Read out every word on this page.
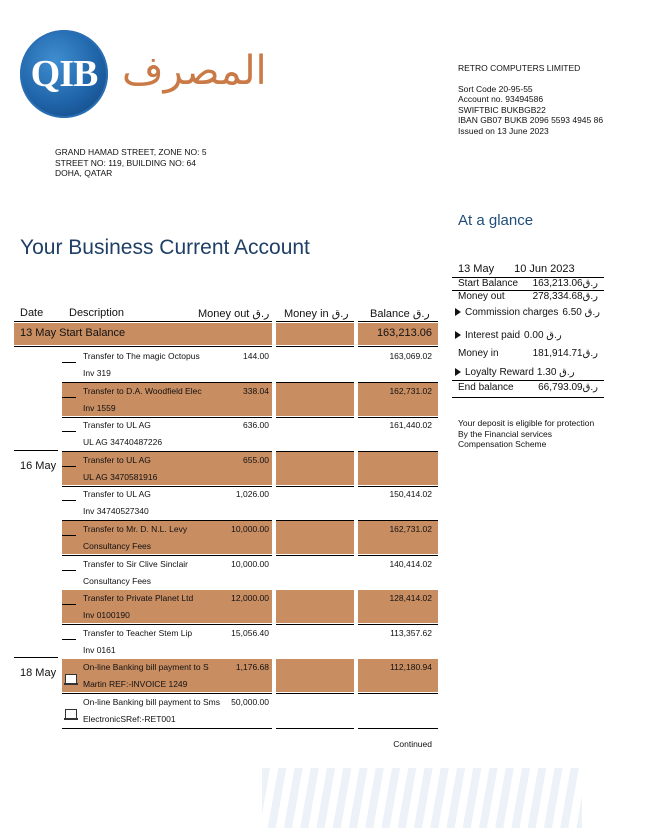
QIB المصرف	RETRO COMPUTERS LIMITED
Sort Code 20-95-55
Account no. 93494586
SWIFTBIC BUKBGB22
IBAN GB07 BUKB 2096 5593 4945 86
Issued on 13 June 2023
GRAND HAMAD STREET, ZONE NO: 5
STREET NO: 119, BUILDING NO: 64
DOHA, QATAR
At a glance
Your Business Current Account
13 May 10 Jun 2023
Start Balance ر.ق163,213.06
Money out	ر.ق278,334.68
Commission charges ر.ق 6.50
Interest paid ر.ق 0.00
Money in	ر.ق181,914.71
Loyalty Reward ر.ق 1.30
End balance ر.ق66,793.09
Your deposit is eligible for protection
By the Financial services
Compensation Scheme
Date Description	Money out ر.ق Money in ر.ق Balance ر.ق
13 May Start Balance	163,213.06
Transfer to The magic Octopus
Inv 319
144.00	163,069.02
Transfer to D.A. Woodfield Elec
Inv 1559
338.04	162,731.02
Transfer to UL AG
UL AG 34740487226
636.00	161,440.02
16 May	Transfer to UL AG
UL AG 3470581916
655.00
Transfer to UL AG
Inv 34740527340
1,026.00	150,414.02
Transfer to Mr. D. N.L. Levy
Consultancy Fees
10,000.00	162,731.02
Transfer to Sir Clive Sinclair
Consultancy Fees
10,000.00	140,414.02
Transfer to Private Planet Ltd
Inv 0100190
12,000.00	128,414.02
Transfer to Teacher Stem Lip
Inv 0161
15,056.40	113,357.62
18 May	On-line Banking bill payment to S
Martin REF:-INVOICE 1249
1,176.68	112,180.94
On-line Banking bill payment to Sms
ElectronicSRef:-RET001
50,000.00
Continued
